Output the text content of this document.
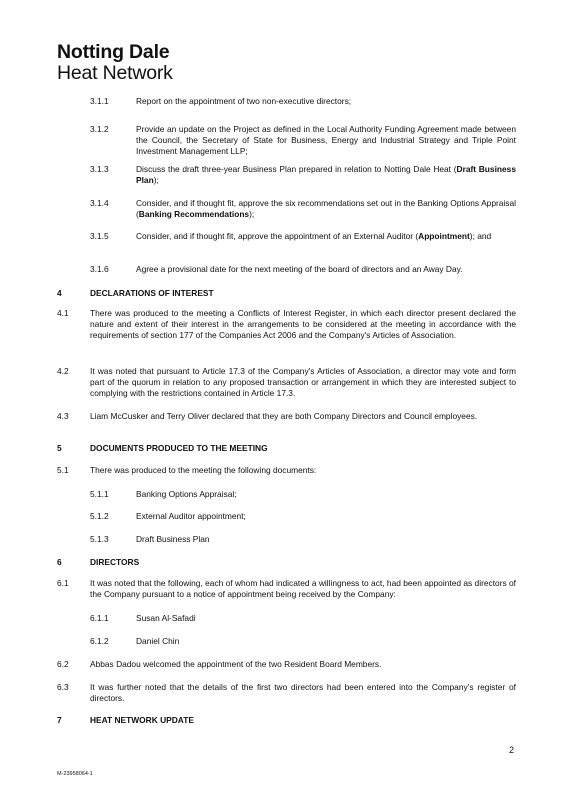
Notting Dale
Heat Network
3.1.1	Report on the appointment of two non-executive directors;
3.1.2	Provide an update on the Project as defined in the Local Authority Funding Agreement made between the Council, the Secretary of State for Business, Energy and Industrial Strategy and Triple Point Investment Management LLP;
3.1.3	Discuss the draft three-year Business Plan prepared in relation to Notting Dale Heat (Draft Business Plan);
3.1.4	Consider, and if thought fit, approve the six recommendations set out in the Banking Options Appraisal (Banking Recommendations);
3.1.5	Consider, and if thought fit, approve the appointment of an External Auditor (Appointment); and
3.1.6	Agree a provisional date for the next meeting of the board of directors and an Away Day.
4	DECLARATIONS OF INTEREST
4.1	There was produced to the meeting a Conflicts of Interest Register, in which each director present declared the nature and extent of their interest in the arrangements to be considered at the meeting in accordance with the requirements of section 177 of the Companies Act 2006 and the Company's Articles of Association.
4.2	It was noted that pursuant to Article 17.3 of the Company's Articles of Association, a director may vote and form part of the quorum in relation to any proposed transaction or arrangement in which they are interested subject to complying with the restrictions contained in Article 17.3.
4.3	Liam McCusker and Terry Oliver declared that they are both Company Directors and Council employees.
5	DOCUMENTS PRODUCED TO THE MEETING
5.1	There was produced to the meeting the following documents:
5.1.1	Banking Options Appraisal;
5.1.2	External Auditor appointment;
5.1.3	Draft Business Plan
6	DIRECTORS
6.1	It was noted that the following, each of whom had indicated a willingness to act, had been appointed as directors of the Company pursuant to a notice of appointment being received by the Company:
6.1.1	Susan Al-Safadi
6.1.2	Daniel Chin
6.2	Abbas Dadou welcomed the appointment of the two Resident Board Members.
6.3	It was further noted that the details of the first two directors had been entered into the Company’s register of directors.
7	HEAT NETWORK UPDATE
2
M-23958064-1
